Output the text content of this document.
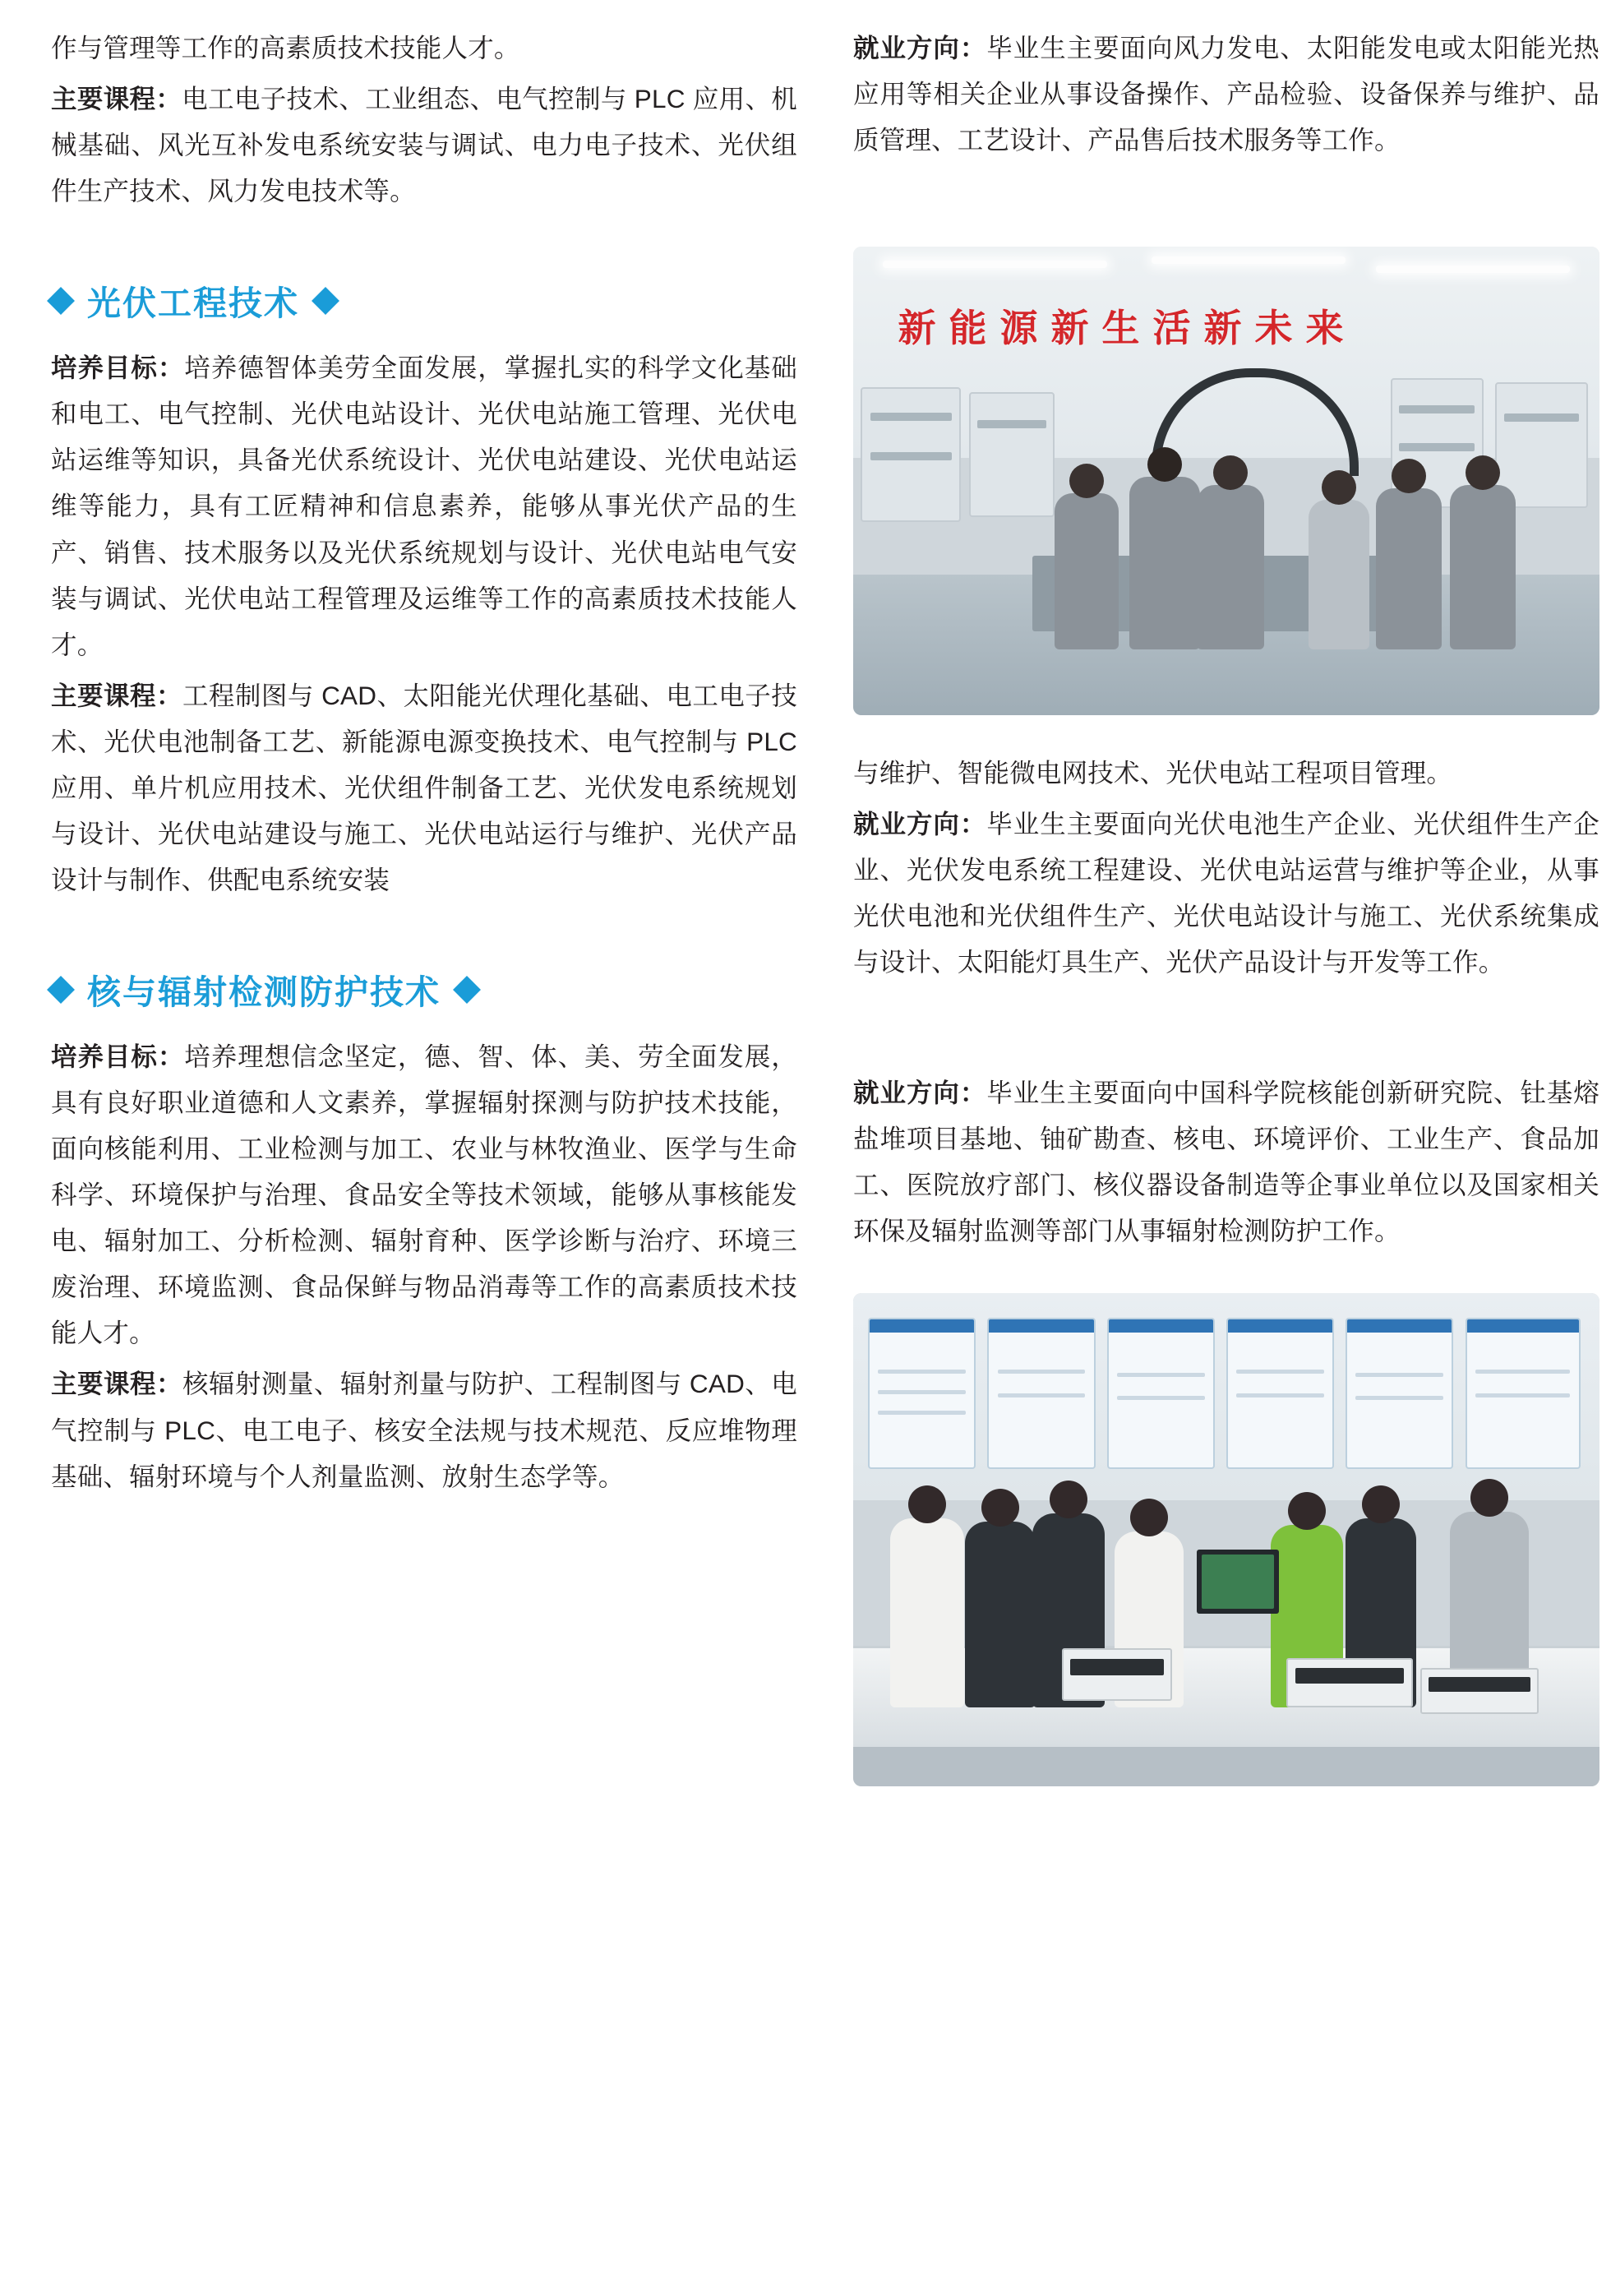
作与管理等工作的高素质技术技能人才。

主要课程：电工电子技术、工业组态、电气控制与 PLC 应用、机械基础、风光互补发电系统安装与调试、电力电子技术、光伏组件生产技术、风力发电技术等。

光伏工程技术

培养目标：培养德智体美劳全面发展，掌握扎实的科学文化基础和电工、电气控制、光伏电站设计、光伏电站施工管理、光伏电站运维等知识，具备光伏系统设计、光伏电站建设、光伏电站运维等能力，具有工匠精神和信息素养，能够从事光伏产品的生产、销售、技术服务以及光伏系统规划与设计、光伏电站电气安装与调试、光伏电站工程管理及运维等工作的高素质技术技能人才。

主要课程：工程制图与 CAD、太阳能光伏理化基础、电工电子技术、光伏电池制备工艺、新能源电源变换技术、电气控制与 PLC 应用、单片机应用技术、光伏组件制备工艺、光伏发电系统规划与设计、光伏电站建设与施工、光伏电站运行与维护、光伏产品设计与制作、供配电系统安装

核与辐射检测防护技术

培养目标：培养理想信念坚定，德、智、体、美、劳全面发展，具有良好职业道德和人文素养，掌握辐射探测与防护技术技能，面向核能利用、工业检测与加工、农业与林牧渔业、医学与生命科学、环境保护与治理、食品安全等技术领域，能够从事核能发电、辐射加工、分析检测、辐射育种、医学诊断与治疗、环境三废治理、环境监测、食品保鲜与物品消毒等工作的高素质技术技能人才。

主要课程：核辐射测量、辐射剂量与防护、工程制图与 CAD、电气控制与 PLC、电工电子、核安全法规与技术规范、反应堆物理基础、辐射环境与个人剂量监测、放射生态学等。

就业方向：毕业生主要面向风力发电、太阳能发电或太阳能光热应用等相关企业从事设备操作、产品检验、设备保养与维护、品质管理、工艺设计、产品售后技术服务等工作。

新能源新生活新未来

与维护、智能微电网技术、光伏电站工程项目管理。

就业方向：毕业生主要面向光伏电池生产企业、光伏组件生产企业、光伏发电系统工程建设、光伏电站运营与维护等企业，从事光伏电池和光伏组件生产、光伏电站设计与施工、光伏系统集成与设计、太阳能灯具生产、光伏产品设计与开发等工作。

就业方向：毕业生主要面向中国科学院核能创新研究院、钍基熔盐堆项目基地、铀矿勘查、核电、环境评价、工业生产、食品加工、医院放疗部门、核仪器设备制造等企事业单位以及国家相关环保及辐射监测等部门从事辐射检测防护工作。
